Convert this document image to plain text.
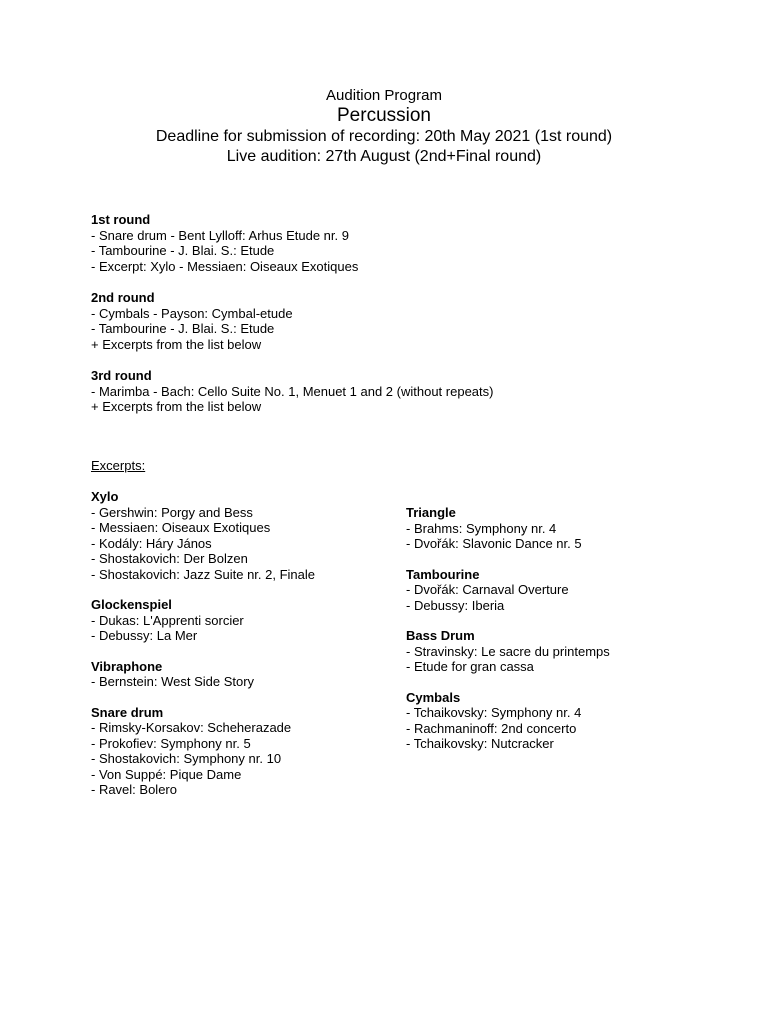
Audition Program
Percussion
Deadline for submission of recording: 20th May 2021 (1st round)
Live audition: 27th August (2nd+Final round)
1st round
- Snare drum - Bent Lylloff: Arhus Etude nr. 9
- Tambourine - J. Blai. S.: Etude
- Excerpt: Xylo - Messiaen: Oiseaux Exotiques
2nd round
- Cymbals - Payson: Cymbal-etude
- Tambourine - J. Blai. S.: Etude
+ Excerpts from the list below
3rd round
- Marimba - Bach: Cello Suite No. 1, Menuet 1 and 2 (without repeats)
+ Excerpts from the list below
Excerpts:
Xylo
- Gershwin: Porgy and Bess
- Messiaen: Oiseaux Exotiques
- Kodály: Háry János
- Shostakovich: Der Bolzen
- Shostakovich: Jazz Suite nr. 2, Finale
Glockenspiel
- Dukas: L'Apprenti sorcier
- Debussy: La Mer
Vibraphone
- Bernstein: West Side Story
Snare drum
- Rimsky-Korsakov: Scheherazade
- Prokofiev: Symphony nr. 5
- Shostakovich: Symphony nr. 10
- Von Suppé: Pique Dame
- Ravel: Bolero
Triangle
- Brahms: Symphony nr. 4
- Dvořák: Slavonic Dance nr. 5
Tambourine
- Dvořák: Carnaval Overture
- Debussy: Iberia
Bass Drum
- Stravinsky: Le sacre du printemps
- Etude for gran cassa
Cymbals
- Tchaikovsky: Symphony nr. 4
- Rachmaninoff: 2nd concerto
- Tchaikovsky: Nutcracker
